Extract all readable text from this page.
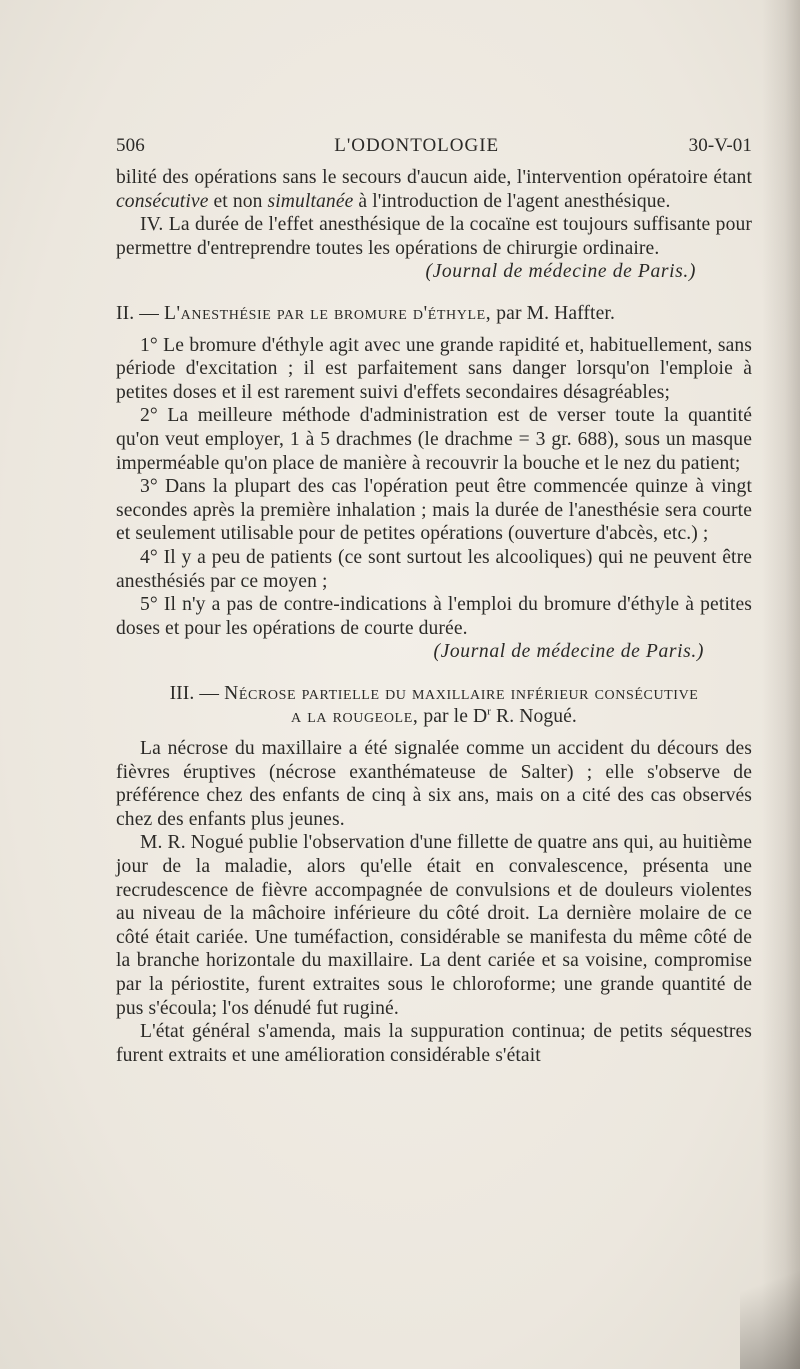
506	L'ODONTOLOGIE	30-V-01

bilité des opérations sans le secours d'aucun aide, l'intervention opératoire étant consécutive et non simultanée à l'introduction de l'agent anesthésique.

IV. La durée de l'effet anesthésique de la cocaïne est toujours suffisante pour permettre d'entreprendre toutes les opérations de chirurgie ordinaire.

(Journal de médecine de Paris.)

II. — L'anesthésie par le bromure d'éthyle, par M. Haffter.

1° Le bromure d'éthyle agit avec une grande rapidité et, habituellement, sans période d'excitation ; il est parfaitement sans danger lorsqu'on l'emploie à petites doses et il est rarement suivi d'effets secondaires désagréables;

2° La meilleure méthode d'administration est de verser toute la quantité qu'on veut employer, 1 à 5 drachmes (le drachme = 3 gr. 688), sous un masque imperméable qu'on place de manière à recouvrir la bouche et le nez du patient;

3° Dans la plupart des cas l'opération peut être commencée quinze à vingt secondes après la première inhalation ; mais la durée de l'anesthésie sera courte et seulement utilisable pour de petites opérations (ouverture d'abcès, etc.) ;

4° Il y a peu de patients (ce sont surtout les alcooliques) qui ne peuvent être anesthésiés par ce moyen ;

5° Il n'y a pas de contre-indications à l'emploi du bromure d'éthyle à petites doses et pour les opérations de courte durée.

(Journal de médecine de Paris.)

III. — Nécrose partielle du maxillaire inférieur consécutive

a la rougeole, par le $D^r$ R. Nogué.

La nécrose du maxillaire a été signalée comme un accident du décours des fièvres éruptives (nécrose exanthémateuse de Salter) ; elle s'observe de préférence chez des enfants de cinq à six ans, mais on a cité des cas observés chez des enfants plus jeunes.

M. R. Nogué publie l'observation d'une fillette de quatre ans qui, au huitième jour de la maladie, alors qu'elle était en convalescence, présenta une recrudescence de fièvre accompagnée de convulsions et de douleurs violentes au niveau de la mâchoire inférieure du côté droit. La dernière molaire de ce côté était cariée. Une tuméfaction, considérable se manifesta du même côté de la branche horizontale du maxillaire. La dent cariée et sa voisine, compromise par la périostite, furent extraites sous le chloroforme; une grande quantité de pus s'écoula; l'os dénudé fut ruginé.

L'état général s'amenda, mais la suppuration continua; de petits séquestres furent extraits et une amélioration considérable s'était
